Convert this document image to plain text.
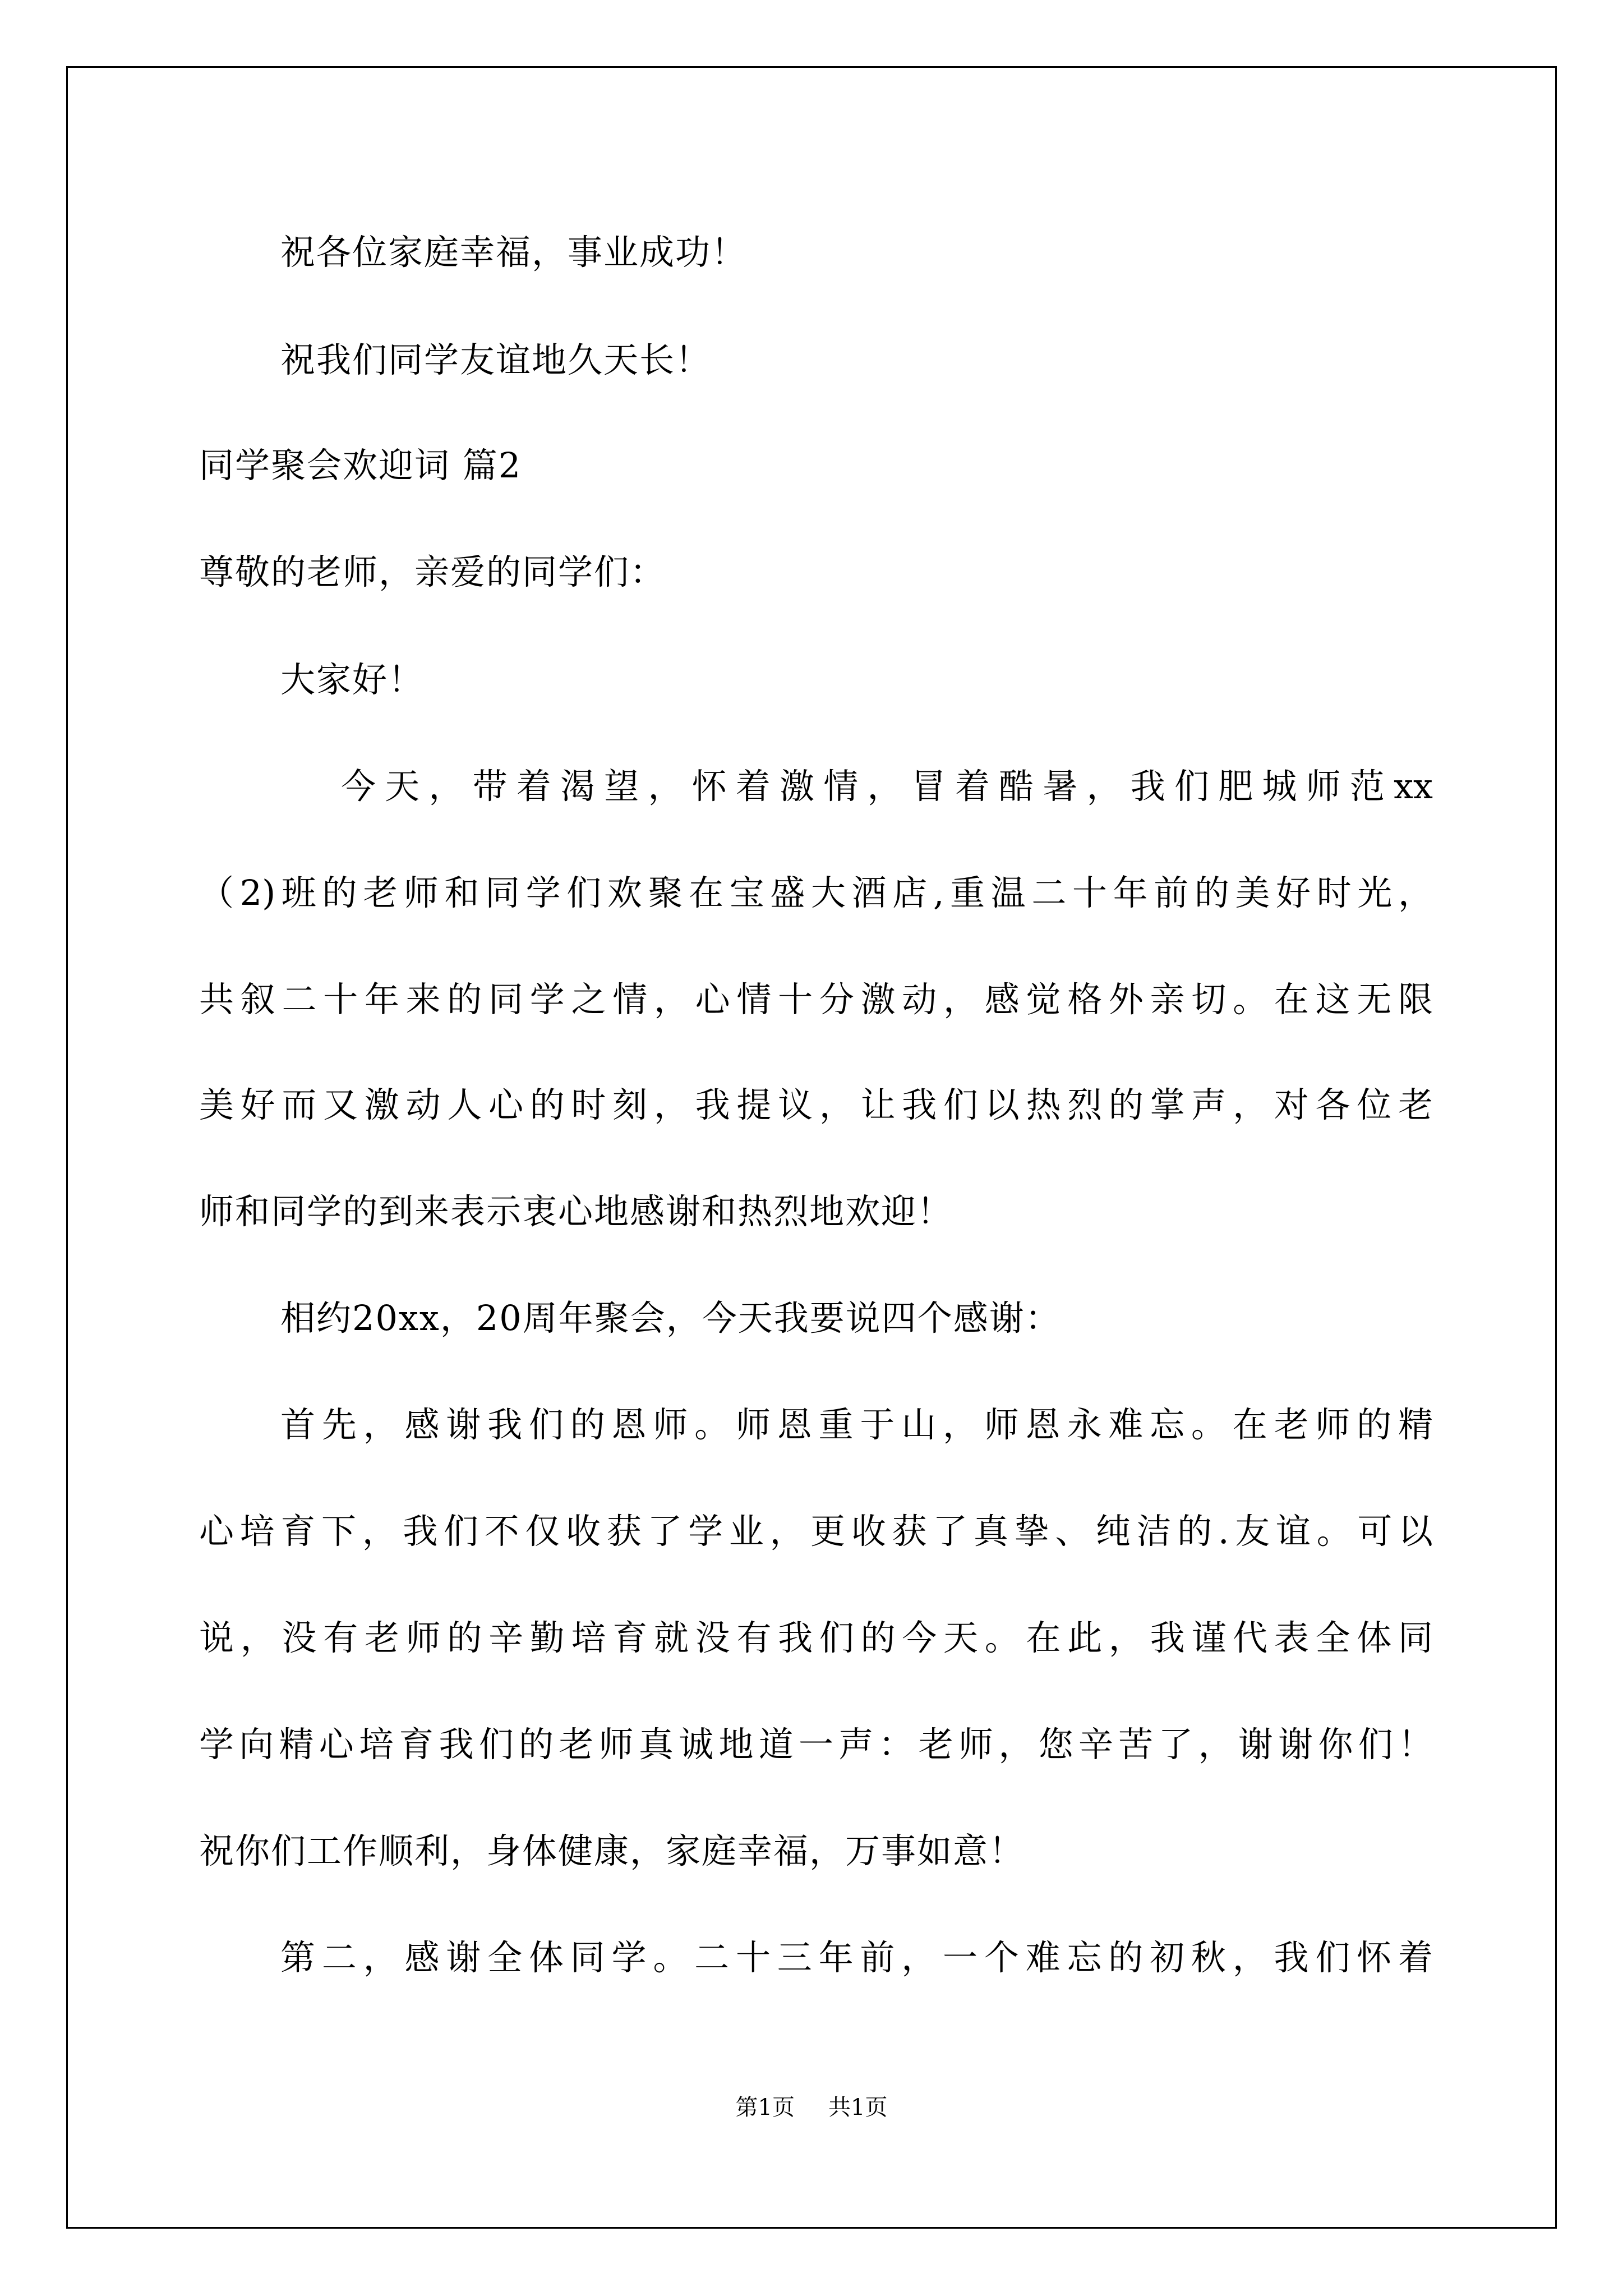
祝各位家庭幸福，事业成功！
祝我们同学友谊地久天长！
同学聚会欢迎词 篇2
尊敬的老师，亲爱的同学们：
大家好！
今天，带着渴望，怀着激情，冒着酷暑，我们肥城师范xx
（2)班的老师和同学们欢聚在宝盛大酒店,重温二十年前的美好时光，
共叙二十年来的同学之情，心情十分激动，感觉格外亲切。在这无限
美好而又激动人心的时刻，我提议，让我们以热烈的掌声，对各位老
师和同学的到来表示衷心地感谢和热烈地欢迎！
相约20xx，20周年聚会，今天我要说四个感谢：
首先，感谢我们的恩师。师恩重于山，师恩永难忘。在老师的精
心培育下，我们不仅收获了学业，更收获了真挚、纯洁的.友谊。可以
说，没有老师的辛勤培育就没有我们的今天。在此，我谨代表全体同
学向精心培育我们的老师真诚地道一声：老师，您辛苦了，谢谢你们！
祝你们工作顺利，身体健康，家庭幸福，万事如意！
第二，感谢全体同学。二十三年前，一个难忘的初秋，我们怀着
第1页 共1页
